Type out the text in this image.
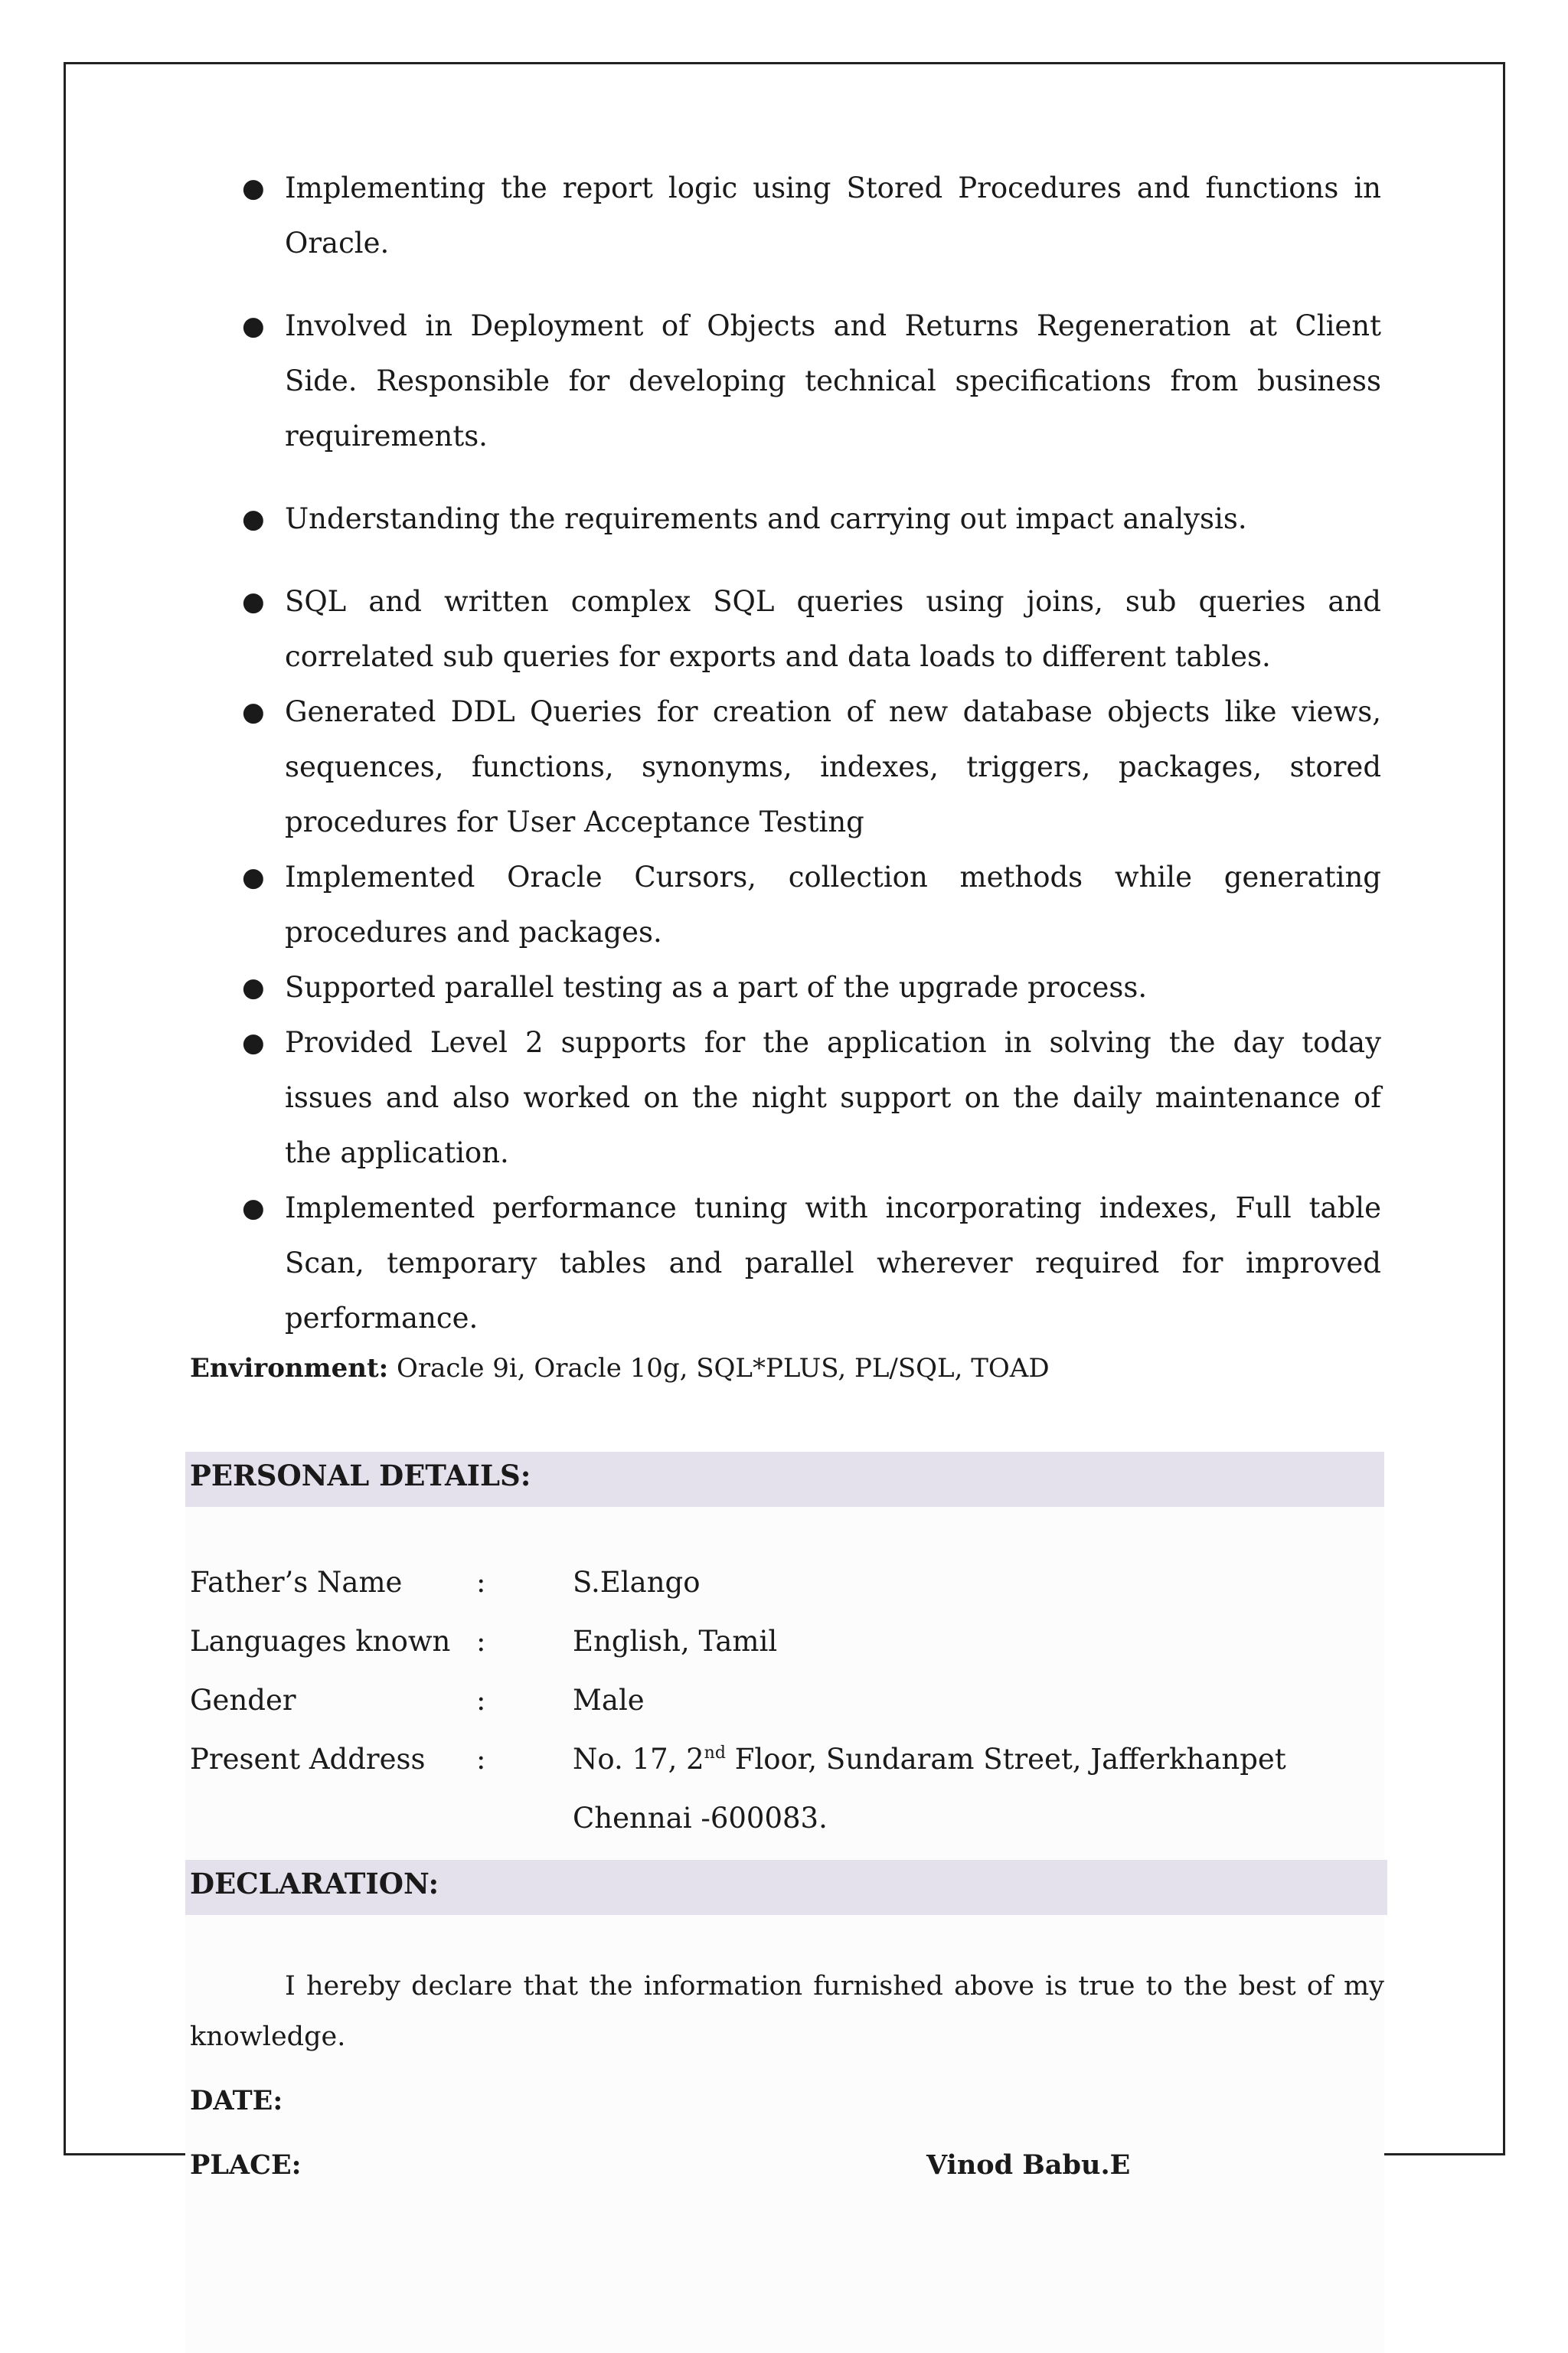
● Implementing the report logic using Stored Procedures and functions in Oracle.
● Involved in Deployment of Objects and Returns Regeneration at Client Side. Responsible for developing technical specifications from business requirements.
● Understanding the requirements and carrying out impact analysis.
● SQL and written complex SQL queries using joins, sub queries and correlated sub queries for exports and data loads to different tables.
● Generated DDL Queries for creation of new database objects like views, sequences, functions, synonyms, indexes, triggers, packages, stored procedures for User Acceptance Testing
● Implemented Oracle Cursors, collection methods while generating procedures and packages.
● Supported parallel testing as a part of the upgrade process.
● Provided Level 2 supports for the application in solving the day today issues and also worked on the night support on the daily maintenance of the application.
● Implemented performance tuning with incorporating indexes, Full table Scan, temporary tables and parallel wherever required for improved performance.
Environment: Oracle 9i, Oracle 10g, SQL*PLUS, PL/SQL, TOAD
PERSONAL DETAILS:
Father’s Name	:	S.Elango
Languages known :	English, Tamil
Gender	:	Male
Present Address	:	No. 17, 2nd Floor, Sundaram Street, Jafferkhanpet
Chennai -600083.
DECLARATION:
I hereby declare that the information furnished above is true to the best of my knowledge.
DATE:
PLACE:	Vinod Babu.E
